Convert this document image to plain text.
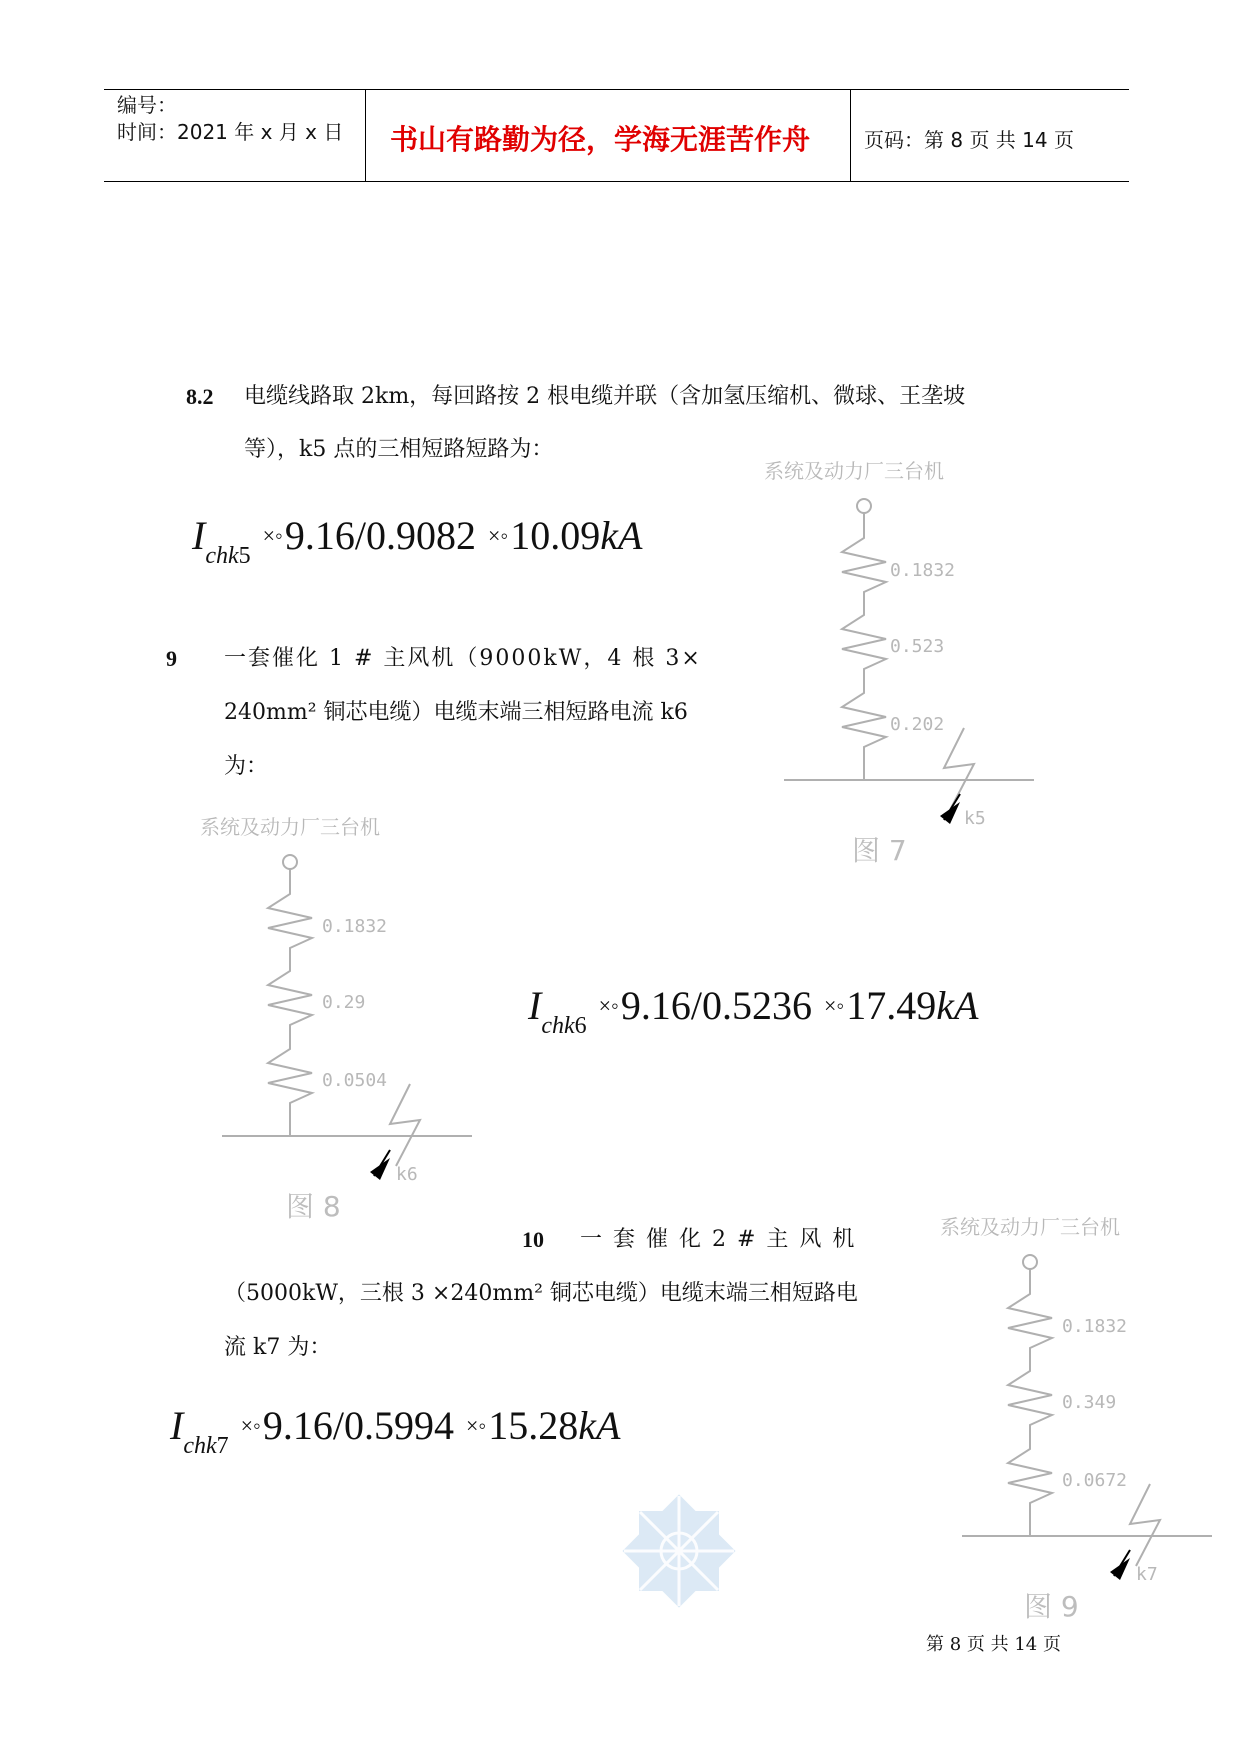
编号：
时间：2021 年 x 月 x 日 书山有路勤为径，学海无涯苦作舟	页码：第 8 页 共 14 页
8.2 电缆线路取 2km，每回路按 2 根电缆并联（含加氢压缩机、微球、王垄坡
等），k5 点的三相短路短路为：
$I_{chk5}$ ×◦9.16/0.9082 ×◦10.09kA
9 一套催化 1 # 主风机（9000kW，4 根 3×
240mm² 铜芯电缆）电缆末端三相短路电流 k6
为：
$I_{chk6}$ ×◦9.16/0.5236 ×◦17.49kA
10 一 套 催 化 2 # 主 风 机
（5000kW，三根 3 ×240mm² 铜芯电缆）电缆末端三相短路电
流 k7 为：
$I_{chk7}$ ×◦9.16/0.5994 ×◦15.28kA
系统及动力厂三台机
0.1832
0.523
0.202
k5
图 7
系统及动力厂三台机
0.1832
0.29
0.0504
k6
图 8
系统及动力厂三台机
0.1832
0.349
0.0672
k7
图 9
第 8 页 共 14 页
